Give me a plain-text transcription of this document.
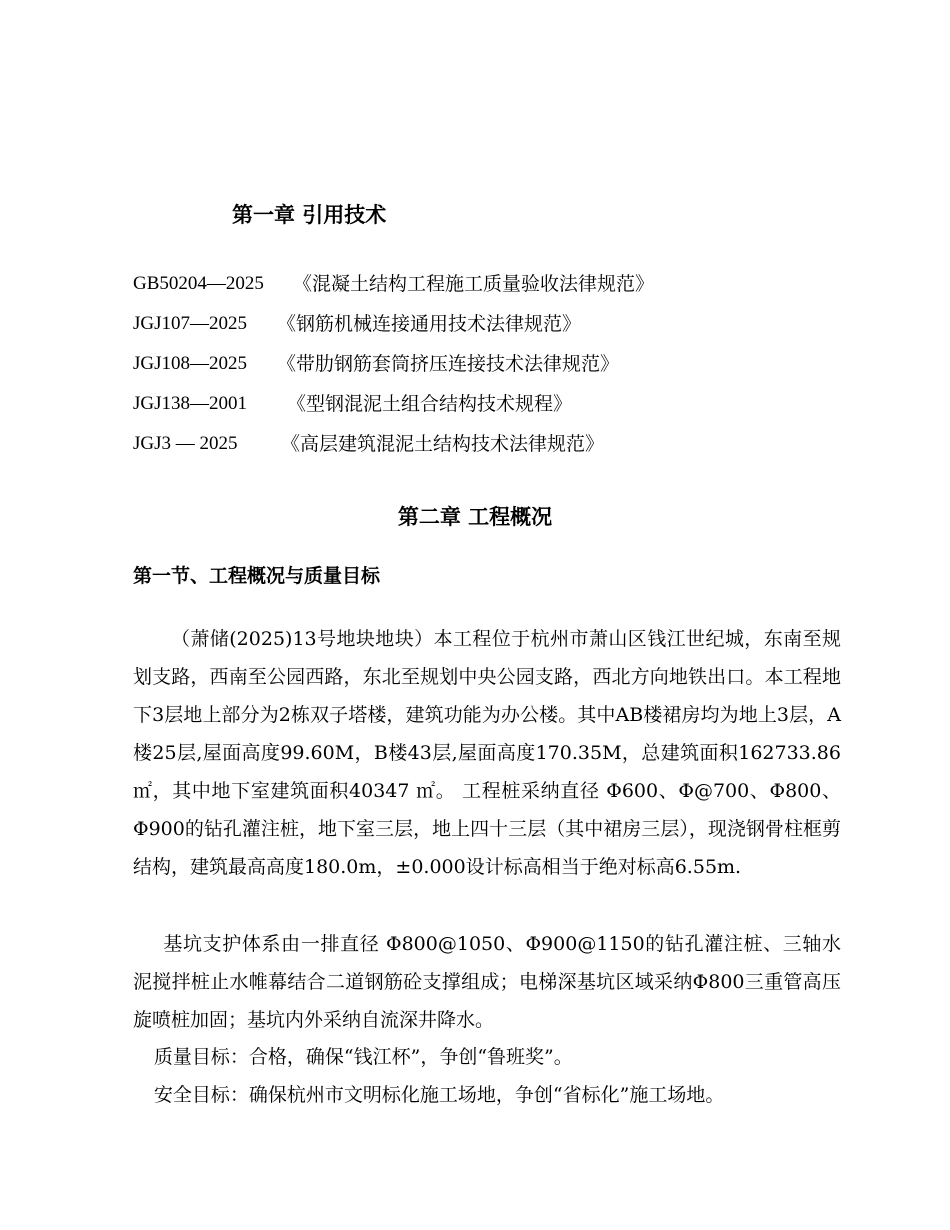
第一章 引用技术
GB50204—2025	《混凝土结构工程施工质量验收法律规范》
JGJ107—2025	《钢筋机械连接通用技术法律规范》
JGJ108—2025	《带肋钢筋套筒挤压连接技术法律规范》
JGJ138—2001	《型钢混泥土组合结构技术规程》
JGJ3 — 2025	《高层建筑混泥土结构技术法律规范》
第二章 工程概况
第一节、工程概况与质量目标
（萧储(2025)13号地块地块）本工程位于杭州市萧山区钱江世纪城，东南至规划支路，西南至公园西路，东北至规划中央公园支路，西北方向地铁出口。本工程地下3层地上部分为2栋双子塔楼，建筑功能为办公楼。其中AB楼裙房均为地上3层，A楼25层,屋面高度99.60M，B楼43层,屋面高度170.35M，总建筑面积162733.86 ㎡，其中地下室建筑面积40347 ㎡。 工程桩采纳直径 Φ600、Φ@700、Φ800、Φ900的钻孔灌注桩，地下室三层，地上四十三层（其中裙房三层），现浇钢骨柱框剪结构，建筑最高高度180.0m，±0.000设计标高相当于绝对标高6.55m.
基坑支护体系由一排直径 Φ800@1050、Φ900@1150的钻孔灌注桩、三轴水泥搅拌桩止水帷幕结合二道钢筋砼支撑组成；电梯深基坑区域采纳Φ800三重管高压旋喷桩加固；基坑内外采纳自流深井降水。
质量目标：合格，确保“钱江杯”，争创“鲁班奖”。
安全目标：确保杭州市文明标化施工场地，争创“省标化”施工场地。
